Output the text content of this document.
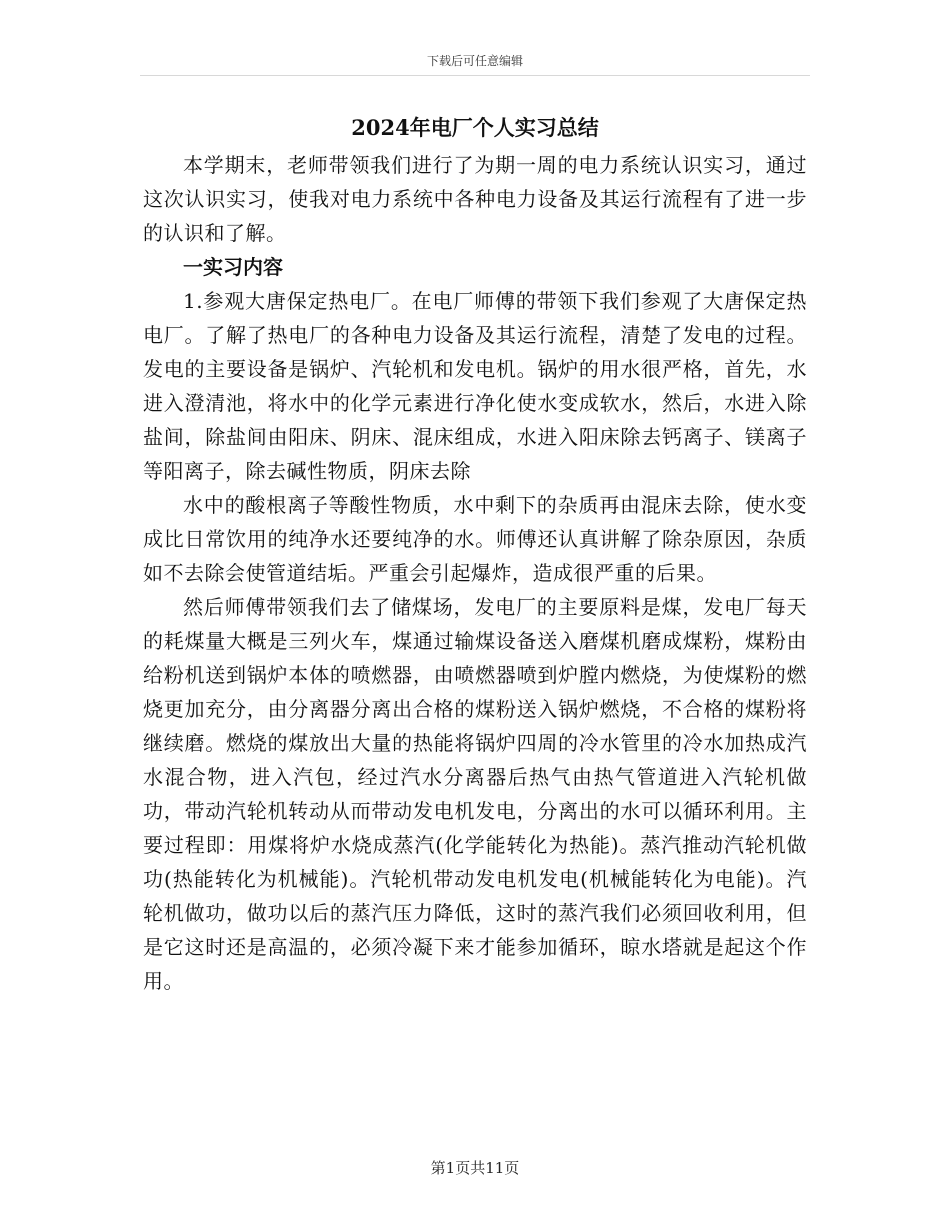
下载后可任意编辑
2024年电厂个人实习总结

本学期末，老师带领我们进行了为期一周的电力系统认识实习，通过这次认识实习，使我对电力系统中各种电力设备及其运行流程有了进一步的认识和了解。

一实习内容

1.参观大唐保定热电厂。在电厂师傅的带领下我们参观了大唐保定热电厂。了解了热电厂的各种电力设备及其运行流程，清楚了发电的过程。发电的主要设备是锅炉、汽轮机和发电机。锅炉的用水很严格，首先，水进入澄清池，将水中的化学元素进行净化使水变成软水，然后，水进入除盐间，除盐间由阳床、阴床、混床组成，水进入阳床除去钙离子、镁离子等阳离子，除去碱性物质，阴床去除

水中的酸根离子等酸性物质，水中剩下的杂质再由混床去除，使水变成比日常饮用的纯净水还要纯净的水。师傅还认真讲解了除杂原因，杂质如不去除会使管道结垢。严重会引起爆炸，造成很严重的后果。

然后师傅带领我们去了储煤场，发电厂的主要原料是煤，发电厂每天的耗煤量大概是三列火车，煤通过输煤设备送入磨煤机磨成煤粉，煤粉由给粉机送到锅炉本体的喷燃器，由喷燃器喷到炉膛内燃烧，为使煤粉的燃烧更加充分，由分离器分离出合格的煤粉送入锅炉燃烧，不合格的煤粉将继续磨。燃烧的煤放出大量的热能将锅炉四周的冷水管里的冷水加热成汽水混合物，进入汽包，经过汽水分离器后热气由热气管道进入汽轮机做功，带动汽轮机转动从而带动发电机发电，分离出的水可以循环利用。主要过程即：用煤将炉水烧成蒸汽(化学能转化为热能)。蒸汽推动汽轮机做功(热能转化为机械能)。汽轮机带动发电机发电(机械能转化为电能)。汽轮机做功，做功以后的蒸汽压力降低，这时的蒸汽我们必须回收利用，但是它这时还是高温的，必须冷凝下来才能参加循环，晾水塔就是起这个作用。

第1页共11页
